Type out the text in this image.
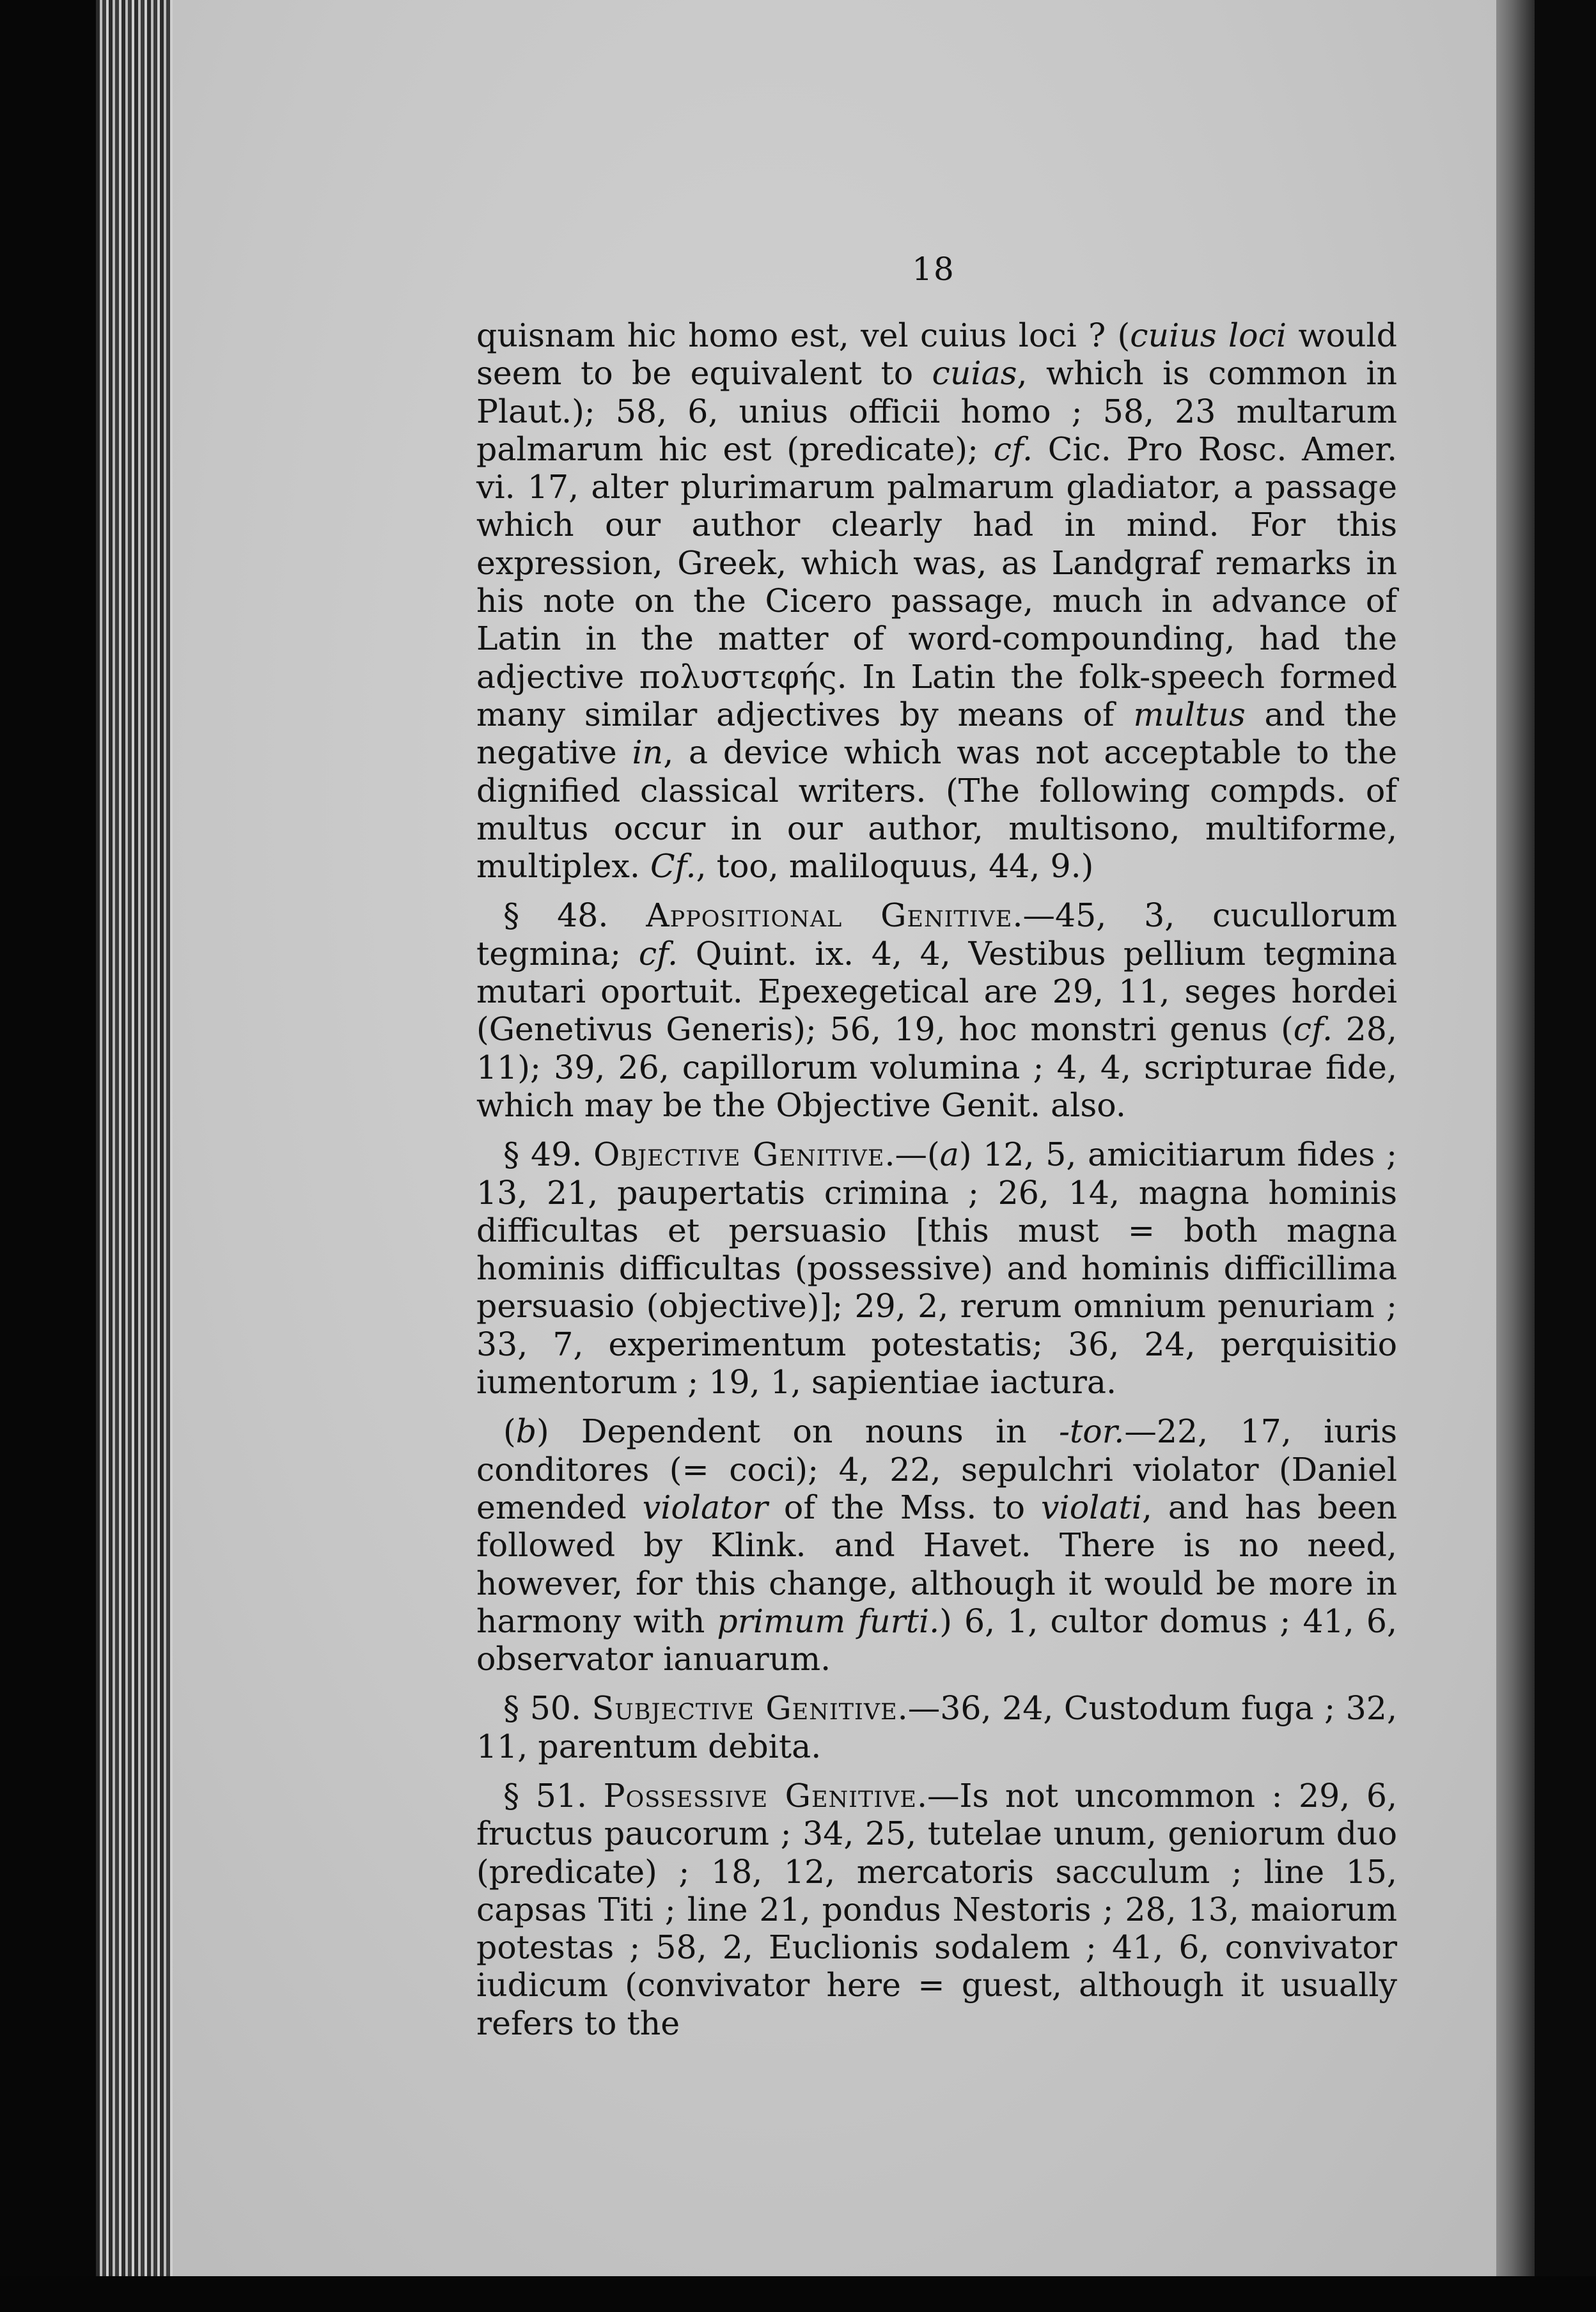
18

quisnam hic homo est, vel cuius loci ? (cuius loci would seem to be equivalent to cuias, which is common in Plaut.); 58, 6, unius officii homo ; 58, 23 multarum palmarum hic est (predicate); cf. Cic. Pro Rosc. Amer. vi. 17, alter plurimarum palmarum gladiator, a passage which our author clearly had in mind. For this expression, Greek, which was, as Landgraf remarks in his note on the Cicero passage, much in advance of Latin in the matter of word-compounding, had the adjective πολυστεφής. In Latin the folk-speech formed many similar adjectives by means of multus and the negative in, a device which was not acceptable to the dignified classical writers. (The following compds. of multus occur in our author, multisono, multiforme, multiplex. Cf., too, maliloquus, 44, 9.)

§ 48. Appositional Genitive.—45, 3, cucullorum tegmina; cf. Quint. ix. 4, 4, Vestibus pellium tegmina mutari oportuit. Epexegetical are 29, 11, seges hordei (Genetivus Generis); 56, 19, hoc monstri genus (cf. 28, 11); 39, 26, capillorum volumina ; 4, 4, scripturae fide, which may be the Objective Genit. also.

§ 49. Objective Genitive.—(a) 12, 5, amicitiarum fides ; 13, 21, paupertatis crimina ; 26, 14, magna hominis difficultas et persuasio [this must = both magna hominis difficultas (possessive) and hominis difficillima persuasio (objective)]; 29, 2, rerum omnium penuriam ; 33, 7, experimentum potestatis; 36, 24, perquisitio iumentorum ; 19, 1, sapientiae iactura.

(b) Dependent on nouns in -tor.—22, 17, iuris conditores (= coci); 4, 22, sepulchri violator (Daniel emended violator of the Mss. to violati, and has been followed by Klink. and Havet. There is no need, however, for this change, although it would be more in harmony with primum furti.) 6, 1, cultor domus ; 41, 6, observator ianuarum.

§ 50. Subjective Genitive.—36, 24, Custodum fuga ; 32, 11, parentum debita.

§ 51. Possessive Genitive.—Is not uncommon : 29, 6, fructus paucorum ; 34, 25, tutelae unum, geniorum duo (predicate) ; 18, 12, mercatoris sacculum ; line 15, capsas Titi ; line 21, pondus Nestoris ; 28, 13, maiorum potestas ; 58, 2, Euclionis sodalem ; 41, 6, convivator iudicum (convivator here = guest, although it usually refers to the
